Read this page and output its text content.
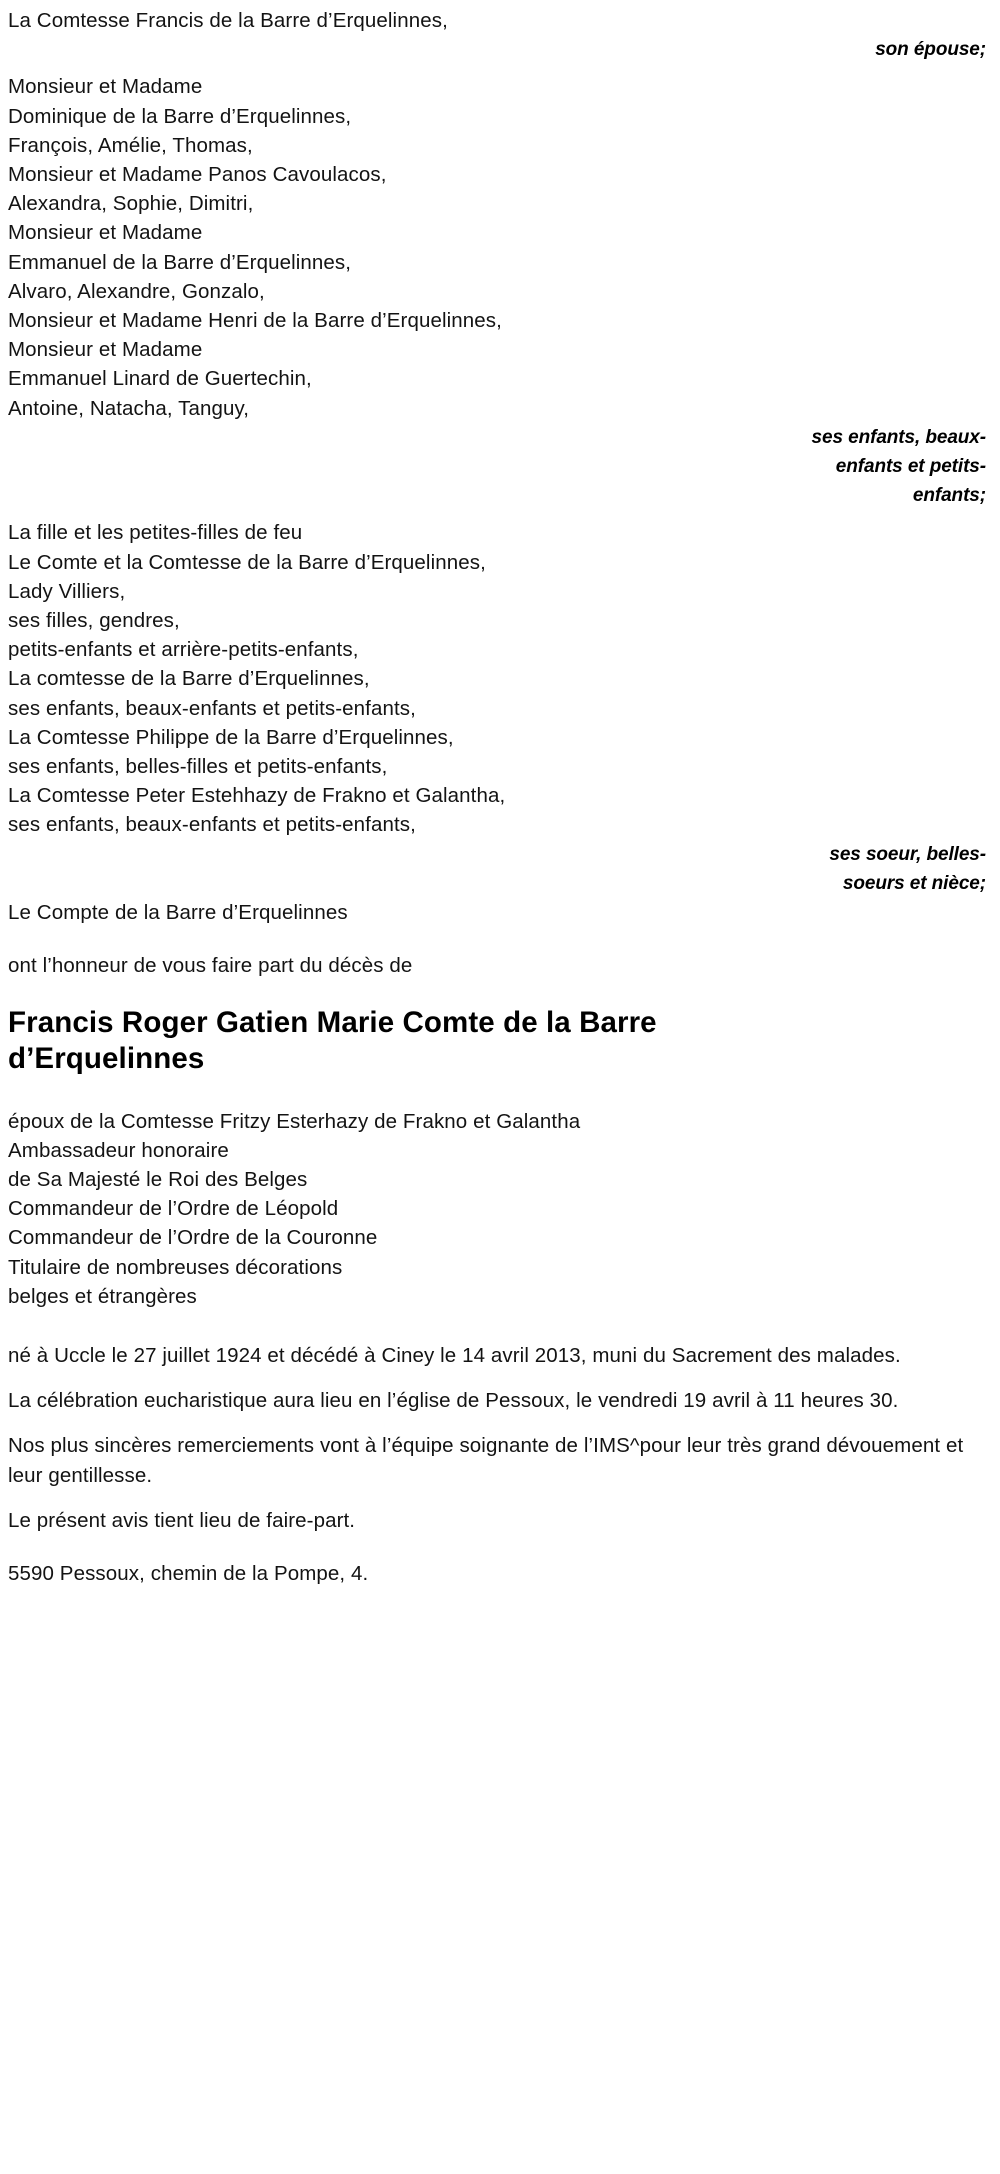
La Comtesse Francis de la Barre d’Erquelinnes,
son épouse;
Monsieur et Madame
Dominique de la Barre d’Erquelinnes,
François, Amélie, Thomas,
Monsieur et Madame Panos Cavoulacos,
Alexandra, Sophie, Dimitri,
Monsieur et Madame
Emmanuel de la Barre d’Erquelinnes,
Alvaro, Alexandre, Gonzalo,
Monsieur et Madame Henri de la Barre d’Erquelinnes,
Monsieur et Madame
Emmanuel Linard de Guertechin,
Antoine, Natacha, Tanguy,
ses enfants, beaux-
enfants et petits-
enfants;
La fille et les petites-filles de feu
Le Comte et la Comtesse de la Barre d’Erquelinnes,
Lady Villiers,
ses filles, gendres,
petits-enfants et arrière-petits-enfants,
La comtesse de la Barre d’Erquelinnes,
ses enfants, beaux-enfants et petits-enfants,
La Comtesse Philippe de la Barre d’Erquelinnes,
ses enfants, belles-filles et petits-enfants,
La Comtesse Peter Estehhazy de Frakno et Galantha,
ses enfants, beaux-enfants et petits-enfants,
ses soeur, belles-
soeurs et nièce;
Le Compte de la Barre d’Erquelinnes
ont l’honneur de vous faire part du décès de
Francis Roger Gatien Marie Comte de la Barre d’Erquelinnes
époux de la Comtesse Fritzy Esterhazy de Frakno et Galantha
Ambassadeur honoraire
de Sa Majesté le Roi des Belges
Commandeur de l’Ordre de Léopold
Commandeur de l’Ordre de la Couronne
Titulaire de nombreuses décorations
belges et étrangères
né à Uccle le 27 juillet 1924 et décédé à Ciney le 14 avril 2013, muni du Sacrement des malades.
La célébration eucharistique aura lieu en l’église de Pessoux, le vendredi 19 avril à 11 heures 30.
Nos plus sincères remerciements vont à l’équipe soignante de l’IMS^pour leur très grand dévouement et leur gentillesse.
Le présent avis tient lieu de faire-part.
5590 Pessoux, chemin de la Pompe, 4.
